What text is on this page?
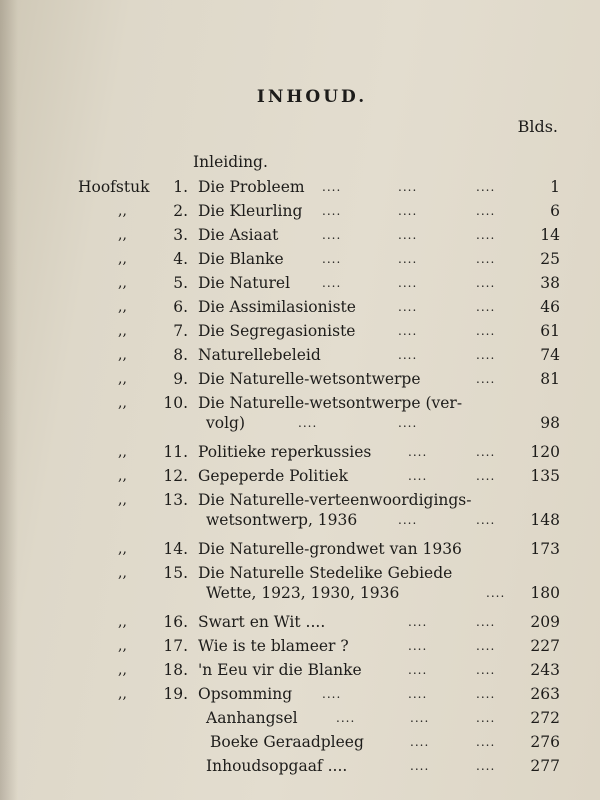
INHOUD.
Blds.
Inleiding.
Hoofstuk	1. Die Probleem ....	....	....	1
,,	2. Die Kleurling ....	....	....	6
,,	3. Die Asiaat	....	....	....	14
,,	4. Die Blanke	....	....	....	25
,,	5. Die Naturel	....	....	....	38
,,	6. Die Assimilasioniste	....	....	46
,,	7. Die Segregasioniste	....	....	61
,,	8. Naturellebeleid	....	....	74
,,	9. Die Naturelle-wetsontwerpe	....	81
,,	10. Die Naturelle-wetsontwerpe (ver-
volg)	....	....	98
,,	11. Politieke reperkussies	....	....	120
,,	12. Gepeperde Politiek	....	....	135
,,	13. Die Naturelle-verteenwoordigings-
wetsontwerp, 1936	....	....	148
,,	14. Die Naturelle-grondwet van 1936	173
,,	15. Die Naturelle Stedelike Gebiede
Wette, 1923, 1930, 1936	....	180
,,	16. Swart en Wit ....	....	....	209
,,	17. Wie is te blameer ?	....	....	227
,,	18. 'n Eeu vir die Blanke	....	....	243
,,	19. Opsomming ....	....	....	263
Aanhangsel	....	....	....	272
Boeke Geraadpleeg	....	....	276
Inhoudsopgaaf ....	....	....	277
